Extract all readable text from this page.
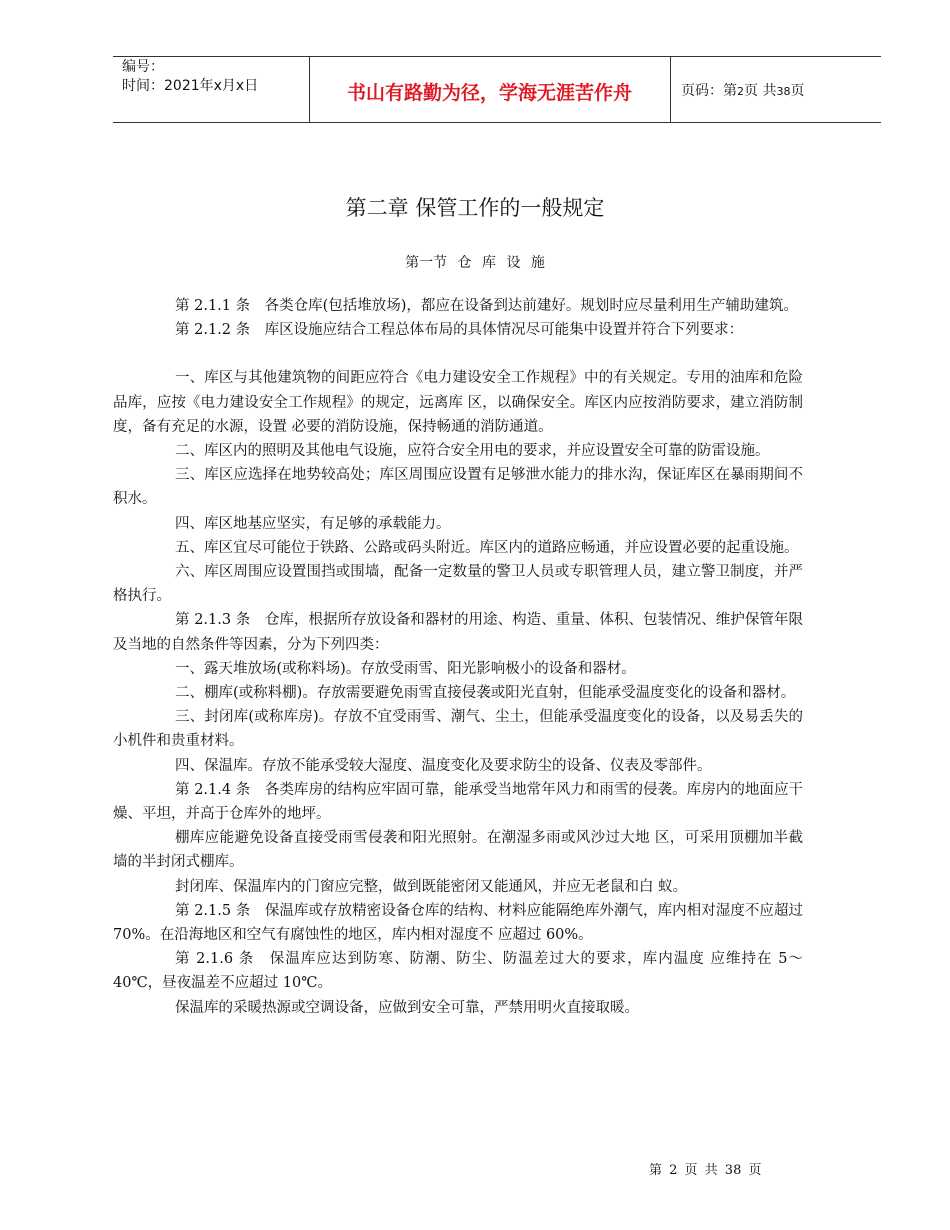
编号：
时间：2021年x月x日	书山有路勤为径，学海无涯苦作舟	页码：第2页 共38页
第二章 保管工作的一般规定
第一节 仓 库 设 施

第 2.1.1 条　各类仓库(包括堆放场)，都应在设备到达前建好。规划时应尽量利用生产辅助建筑。

第 2.1.2 条　库区设施应结合工程总体布局的具体情况尽可能集中设置并符合下列要求：

一、库区与其他建筑物的间距应符合《电力建设安全工作规程》中的有关规定。专用的油库和危险品库，应按《电力建设安全工作规程》的规定，远离库 区，以确保安全。库区内应按消防要求，建立消防制度，备有充足的水源，设置 必要的消防设施，保持畅通的消防通道。

二、库区内的照明及其他电气设施，应符合安全用电的要求，并应设置安全可靠的防雷设施。

三、库区应选择在地势较高处；库区周围应设置有足够泄水能力的排水沟，保证库区在暴雨期间不积水。

四、库区地基应坚实，有足够的承载能力。

五、库区宜尽可能位于铁路、公路或码头附近。库区内的道路应畅通，并应设置必要的起重设施。

六、库区周围应设置围挡或围墙，配备一定数量的警卫人员或专职管理人员，建立警卫制度，并严格执行。

第 2.1.3 条　仓库，根据所存放设备和器材的用途、构造、重量、体积、包装情况、维护保管年限及当地的自然条件等因素，分为下列四类：

一、露天堆放场(或称料场)。存放受雨雪、阳光影响极小的设备和器材。

二、棚库(或称料棚)。存放需要避免雨雪直接侵袭或阳光直射，但能承受温度变化的设备和器材。

三、封闭库(或称库房)。存放不宜受雨雪、潮气、尘土，但能承受温度变化的设备，以及易丢失的小机件和贵重材料。

四、保温库。存放不能承受较大湿度、温度变化及要求防尘的设备、仪表及零部件。

第 2.1.4 条　各类库房的结构应牢固可靠，能承受当地常年风力和雨雪的侵袭。库房内的地面应干燥、平坦，并高于仓库外的地坪。

棚库应能避免设备直接受雨雪侵袭和阳光照射。在潮湿多雨或风沙过大地 区，可采用顶棚加半截墙的半封闭式棚库。

封闭库、保温库内的门窗应完整，做到既能密闭又能通风，并应无老鼠和白 蚁。

第 2.1.5 条　保温库或存放精密设备仓库的结构、材料应能隔绝库外潮气，库内相对湿度不应超过 70%。在沿海地区和空气有腐蚀性的地区，库内相对湿度不 应超过 60%。

第 2.1.6 条　保温库应达到防寒、防潮、防尘、防温差过大的要求，库内温度 应维持在 5～40℃，昼夜温差不应超过 10℃。

保温库的采暖热源或空调设备，应做到安全可靠，严禁用明火直接取暖。

第 2 页 共 38 页
